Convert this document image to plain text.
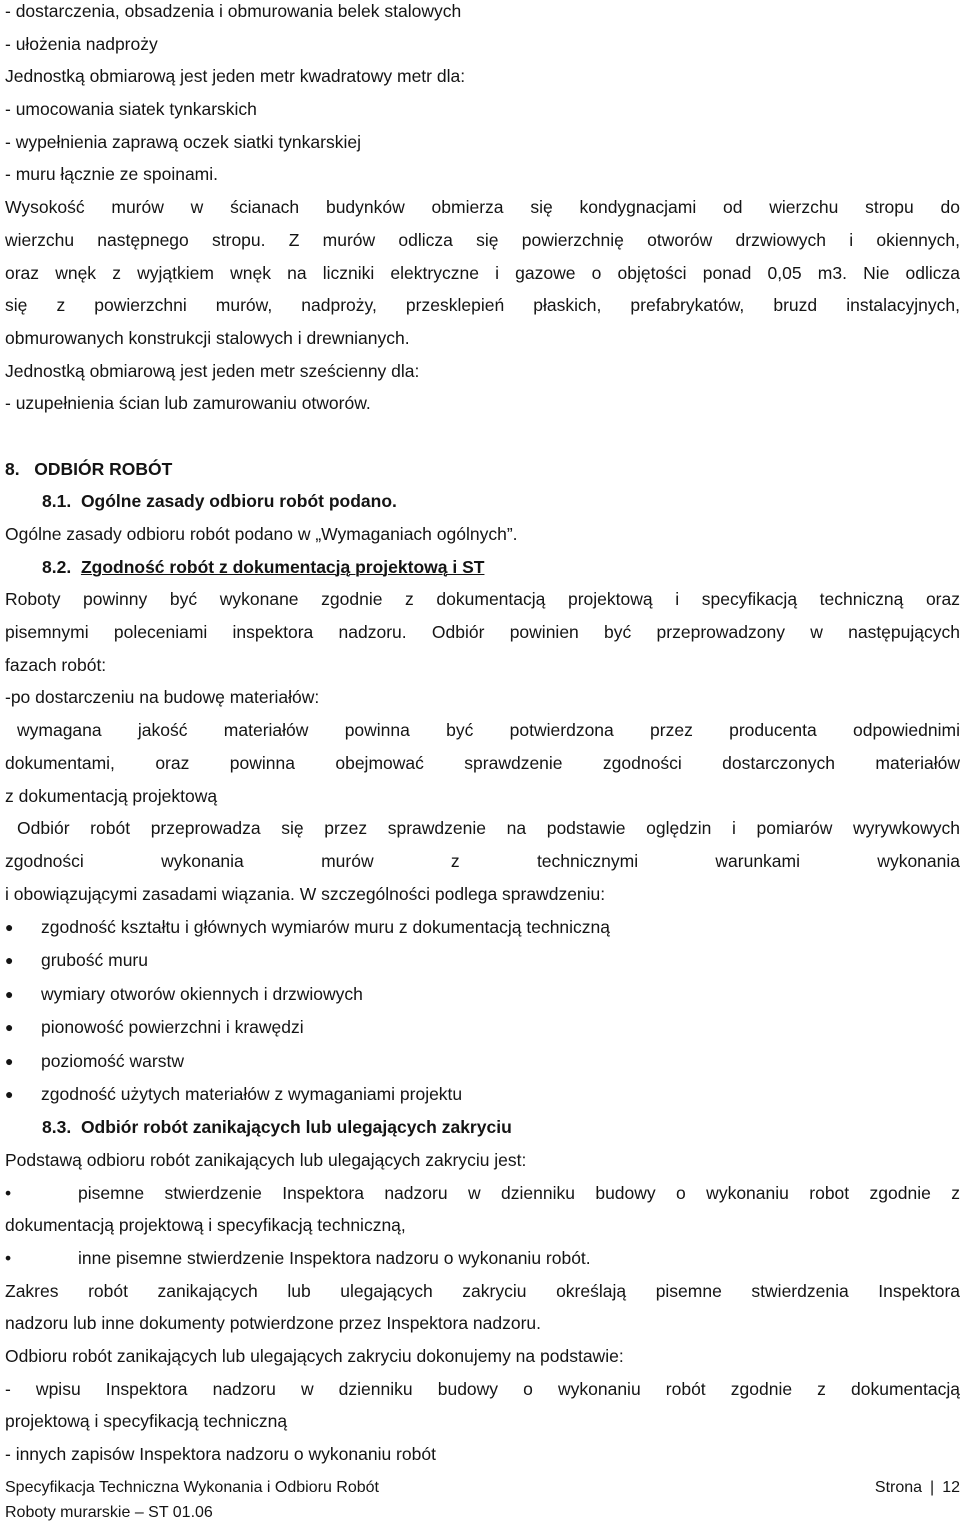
- dostarczenia, obsadzenia i obmurowania belek stalowych
- ułożenia nadproży
Jednostką obmiarową jest jeden metr kwadratowy metr dla:
- umocowania siatek tynkarskich
- wypełnienia zaprawą oczek siatki tynkarskiej
- muru łącznie ze spoinami.
Wysokość murów w ścianach budynków obmierza się kondygnacjami od wierzchu stropu do
wierzchu następnego stropu. Z murów odlicza się powierzchnię otworów drzwiowych i okiennych,
oraz wnęk z wyjątkiem wnęk na liczniki elektryczne i gazowe o objętości ponad 0,05 m3. Nie odlicza
się z powierzchni murów, nadproży, przesklepień płaskich, prefabrykatów, bruzd instalacyjnych,
obmurowanych konstrukcji stalowych i drewnianych.
Jednostką obmiarową jest jeden metr sześcienny dla:
- uzupełnienia ścian lub zamurowaniu otworów.
8. ODBIÓR ROBÓT
8.1. Ogólne zasady odbioru robót podano.
Ogólne zasady odbioru robót podano w „Wymaganiach ogólnych”.
8.2. Zgodność robót z dokumentacją projektową i ST
Roboty powinny być wykonane zgodnie z dokumentacją projektową i specyfikacją techniczną oraz
pisemnymi poleceniami inspektora nadzoru. Odbiór powinien być przeprowadzony w następujących
fazach robót:
-po dostarczeniu na budowę materiałów:
wymagana jakość materiałów powinna być potwierdzona przez producenta odpowiednimi
dokumentami, oraz powinna obejmować sprawdzenie zgodności dostarczonych materiałów
z dokumentacją projektową
Odbiór robót przeprowadza się przez sprawdzenie na podstawie oględzin i pomiarów wyrywkowych
zgodności wykonania murów z technicznymi warunkami wykonania
i obowiązującymi zasadami wiązania. W szczególności podlega sprawdzeniu:
●	zgodność kształtu i głównych wymiarów muru z dokumentacją techniczną
●	grubość muru
●	wymiary otworów okiennych i drzwiowych
●	pionowość powierzchni i krawędzi
●	poziomość warstw
●	zgodność użytych materiałów z wymaganiami projektu
8.3. Odbiór robót zanikających lub ulegających zakryciu
Podstawą odbioru robót zanikających lub ulegających zakryciu jest:
•	pisemne stwierdzenie Inspektora nadzoru w dzienniku budowy o wykonaniu robot zgodnie z
dokumentacją projektową i specyfikacją techniczną,
•	inne pisemne stwierdzenie Inspektora nadzoru o wykonaniu robót.
Zakres robót zanikających lub ulegających zakryciu określają pisemne stwierdzenia Inspektora
nadzoru lub inne dokumenty potwierdzone przez Inspektora nadzoru.
Odbioru robót zanikających lub ulegających zakryciu dokonujemy na podstawie:
- wpisu Inspektora nadzoru w dzienniku budowy o wykonaniu robót zgodnie z dokumentacją
projektową i specyfikacją techniczną
- innych zapisów Inspektora nadzoru o wykonaniu robót
Specyfikacja Techniczna Wykonania i Odbioru Robót	Strona | 12
Roboty murarskie – ST 01.06
